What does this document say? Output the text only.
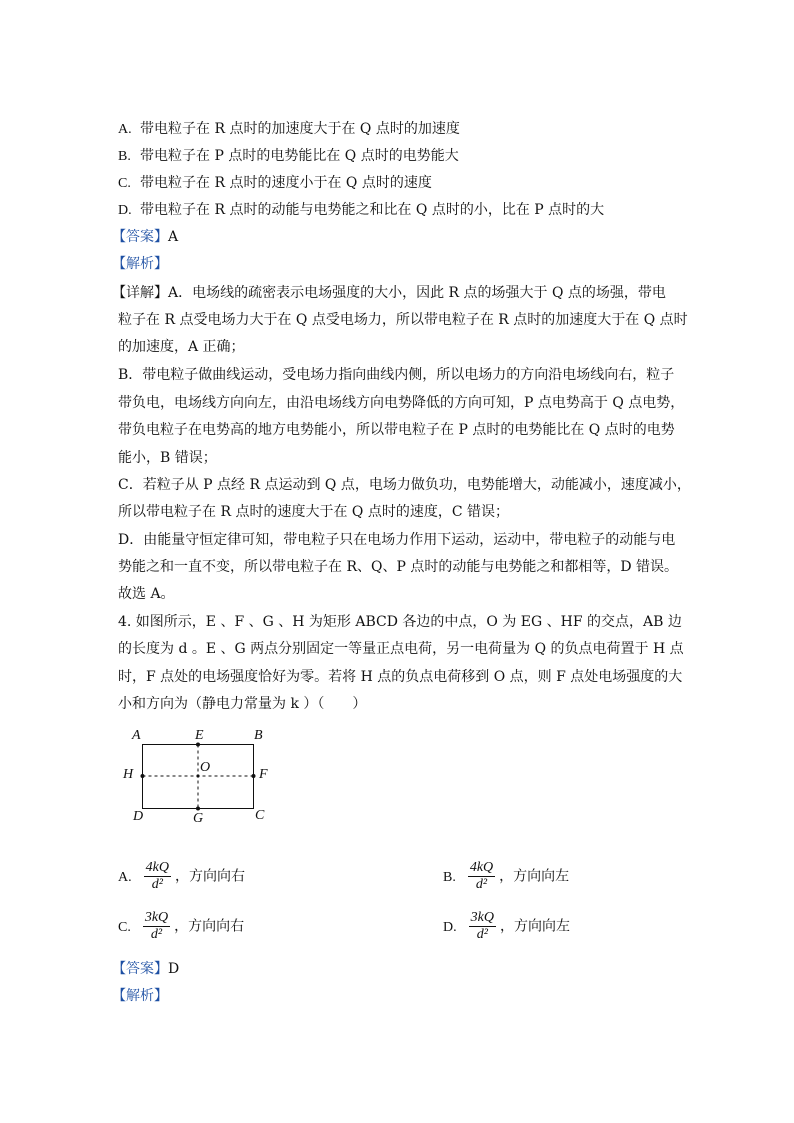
A. 带电粒子在 R 点时的加速度大于在 Q 点时的加速度
B. 带电粒子在 P 点时的电势能比在 Q 点时的电势能大
C. 带电粒子在 R 点时的速度小于在 Q 点时的速度
D. 带电粒子在 R 点时的动能与电势能之和比在 Q 点时的小，比在 P 点时的大
【答案】A
【解析】
【详解】A．电场线的疏密表示电场强度的大小，因此 R 点的场强大于 Q 点的场强，带电
粒子在 R 点受电场力大于在 Q 点受电场力，所以带电粒子在 R 点时的加速度大于在 Q 点时
的加速度，A 正确；
B．带电粒子做曲线运动，受电场力指向曲线内侧，所以电场力的方向沿电场线向右，粒子
带负电，电场线方向向左，由沿电场线方向电势降低的方向可知，P 点电势高于 Q 点电势，
带负电粒子在电势高的地方电势能小，所以带电粒子在 P 点时的电势能比在 Q 点时的电势
能小，B 错误；
C．若粒子从 P 点经 R 点运动到 Q 点，电场力做负功，电势能增大，动能减小，速度减小，
所以带电粒子在 R 点时的速度大于在 Q 点时的速度，C 错误；
D．由能量守恒定律可知，带电粒子只在电场力作用下运动，运动中，带电粒子的动能与电
势能之和一直不变，所以带电粒子在 R、Q、P 点时的动能与电势能之和都相等，D 错误。
故选 A。
4. 如图所示，E 、F 、G 、H 为矩形 ABCD 各边的中点，O 为 EG 、HF 的交点，AB 边
的长度为 d 。E 、G 两点分别固定一等量正点电荷，另一电荷量为 Q 的负点电荷置于 H 点
时，F 点处的电场强度恰好为零。若将 H 点的负点电荷移到 O 点，则 F 点处电场强度的大
小和方向为（静电力常量为 k ）（　　）
A	E	B
H	O	F
D	G	C
A. $\frac{4kQ}{\text{d²}}$ ，方向向右	B. $\frac{4kQ}{\text{d²}}$ ，方向向左
C. $\frac{3kQ}{\text{d²}}$ ，方向向右	D. $\frac{3kQ}{\text{d²}}$ ，方向向左
【答案】D
【解析】
